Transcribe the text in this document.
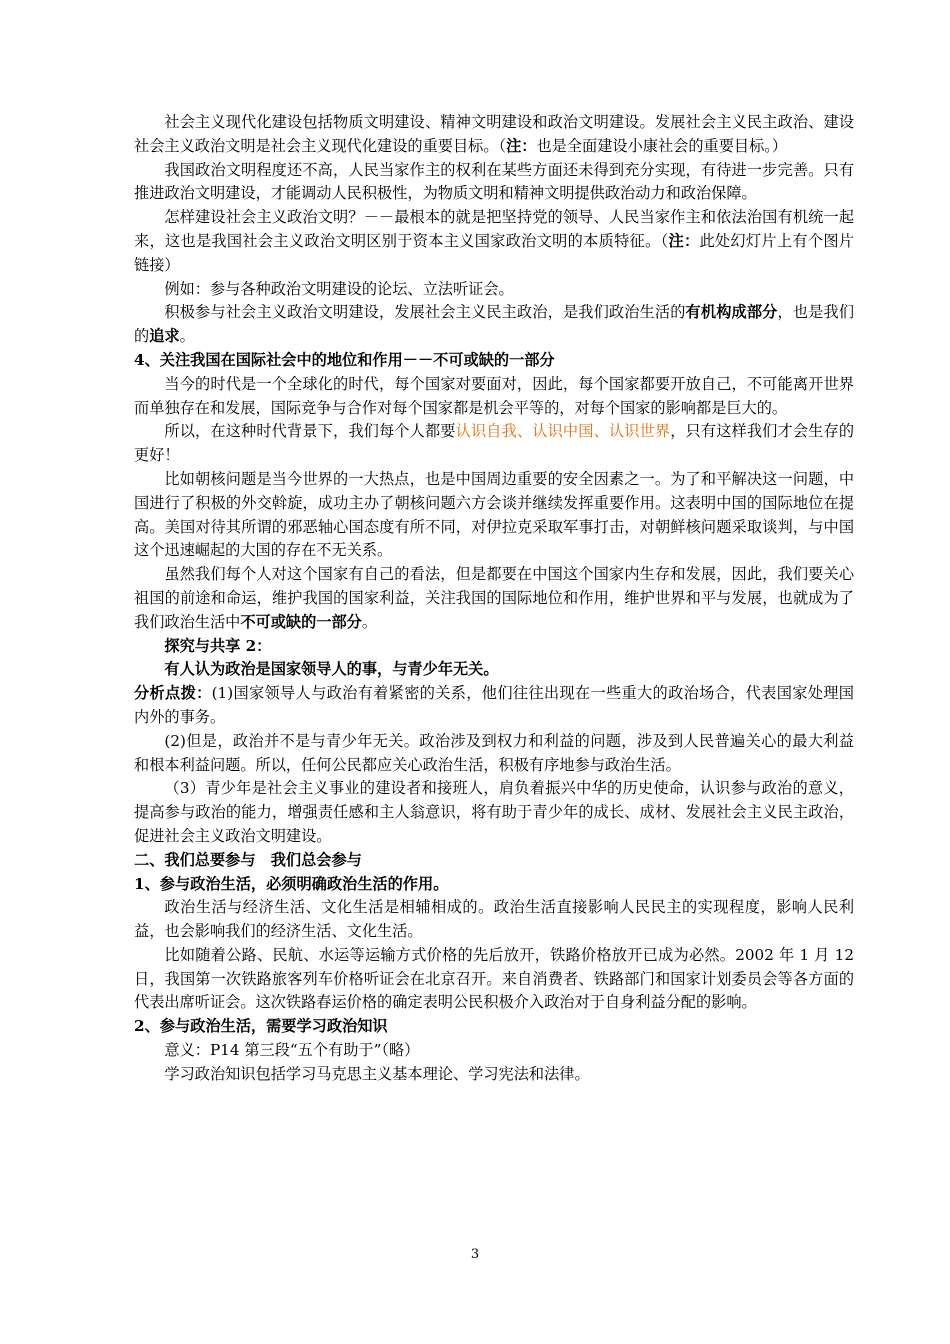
社会主义现代化建设包括物质文明建设、精神文明建设和政治文明建设。发展社会主义民主政治、建设社会主义政治文明是社会主义现代化建设的重要目标。（注：也是全面建设小康社会的重要目标。）

我国政治文明程度还不高，人民当家作主的权利在某些方面还未得到充分实现，有待进一步完善。只有推进政治文明建设，才能调动人民积极性，为物质文明和精神文明提供政治动力和政治保障。

怎样建设社会主义政治文明？－－最根本的就是把坚持党的领导、人民当家作主和依法治国有机统一起来，这也是我国社会主义政治文明区别于资本主义国家政治文明的本质特征。（注：此处幻灯片上有个图片链接）

例如：参与各种政治文明建设的论坛、立法听证会。

积极参与社会主义政治文明建设，发展社会主义民主政治，是我们政治生活的有机构成部分，也是我们的追求。

4、关注我国在国际社会中的地位和作用－－不可或缺的一部分

当今的时代是一个全球化的时代，每个国家对要面对，因此，每个国家都要开放自己，不可能离开世界而单独存在和发展，国际竞争与合作对每个国家都是机会平等的，对每个国家的影响都是巨大的。

所以，在这种时代背景下，我们每个人都要认识自我、认识中国、认识世界，只有这样我们才会生存的更好！

比如朝核问题是当今世界的一大热点，也是中国周边重要的安全因素之一。为了和平解决这一问题，中国进行了积极的外交斡旋，成功主办了朝核问题六方会谈并继续发挥重要作用。这表明中国的国际地位在提高。美国对待其所谓的邪恶轴心国态度有所不同，对伊拉克采取军事打击，对朝鲜核问题采取谈判，与中国这个迅速崛起的大国的存在不无关系。

虽然我们每个人对这个国家有自己的看法，但是都要在中国这个国家内生存和发展，因此，我们要关心祖国的前途和命运，维护我国的国家利益，关注我国的国际地位和作用，维护世界和平与发展，也就成为了我们政治生活中不可或缺的一部分。

探究与共享 2：

有人认为政治是国家领导人的事，与青少年无关。

分析点拨：(1)国家领导人与政治有着紧密的关系，他们往往出现在一些重大的政治场合，代表国家处理国内外的事务。

(2)但是，政治并不是与青少年无关。政治涉及到权力和利益的问题，涉及到人民普遍关心的最大利益和根本利益问题。所以，任何公民都应关心政治生活，积极有序地参与政治生活。

（3）青少年是社会主义事业的建设者和接班人，肩负着振兴中华的历史使命，认识参与政治的意义，提高参与政治的能力，增强责任感和主人翁意识，将有助于青少年的成长、成材、发展社会主义民主政治，促进社会主义政治文明建设。

二、我们总要参与　我们总会参与

1、参与政治生活，必须明确政治生活的作用。

政治生活与经济生活、文化生活是相辅相成的。政治生活直接影响人民民主的实现程度，影响人民利益，也会影响我们的经济生活、文化生活。

比如随着公路、民航、水运等运输方式价格的先后放开，铁路价格放开已成为必然。2002 年 1 月 12 日，我国第一次铁路旅客列车价格听证会在北京召开。来自消费者、铁路部门和国家计划委员会等各方面的代表出席听证会。这次铁路春运价格的确定表明公民积极介入政治对于自身利益分配的影响。

2、参与政治生活，需要学习政治知识

意义：P14 第三段“五个有助于”（略）

学习政治知识包括学习马克思主义基本理论、学习宪法和法律。

3
